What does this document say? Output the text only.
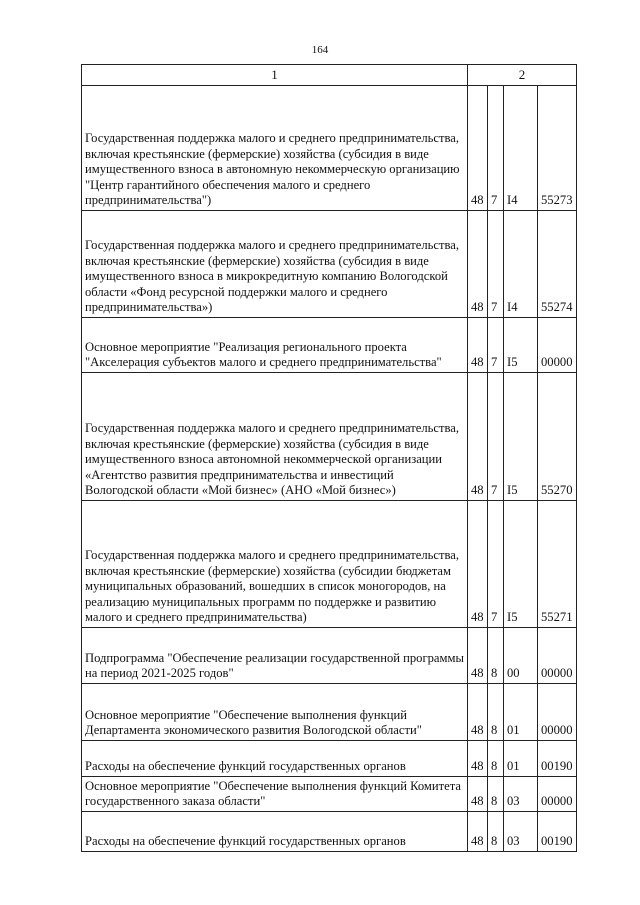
164
1	2			
Государственная поддержка малого и среднего предпринимательства, включая крестьянские (фермерские) хозяйства (субсидия в виде имущественного взноса в автономную некоммерческую организацию "Центр гарантийного обеспечения малого и среднего предпринимательства")	48	7	I4	55273
Государственная поддержка малого и среднего предпринимательства, включая крестьянские (фермерские) хозяйства (субсидия в виде имущественного взноса в микрокредитную компанию Вологодской области «Фонд ресурсной поддержки малого и среднего предпринимательства»)	48	7	I4	55274
Основное мероприятие "Реализация регионального проекта "Акселерация субъектов малого и среднего предпринимательства"	48	7	I5	00000
Государственная поддержка малого и среднего предпринимательства, включая крестьянские (фермерские) хозяйства (субсидия в виде имущественного взноса автономной некоммерческой организации «Агентство развития предпринимательства и инвестиций Вологодской области «Мой бизнес» (АНО «Мой бизнес»)	48	7	I5	55270
Государственная поддержка малого и среднего предпринимательства, включая крестьянские (фермерские) хозяйства (субсидии бюджетам муниципальных образований, вошедших в список моногородов, на реализацию муниципальных программ по поддержке и развитию малого и среднего предпринимательства)	48	7	I5	55271
Подпрограмма "Обеспечение реализации государственной программы на период 2021-2025 годов"	48	8	00	00000
Основное мероприятие "Обеспечение выполнения функций Департамента экономического развития Вологодской области"	48	8	01	00000
Расходы на обеспечение функций государственных органов	48	8	01	00190
Основное мероприятие "Обеспечение выполнения функций Комитета государственного заказа области"	48	8	03	00000
Расходы на обеспечение функций государственных органов	48	8	03	00190
